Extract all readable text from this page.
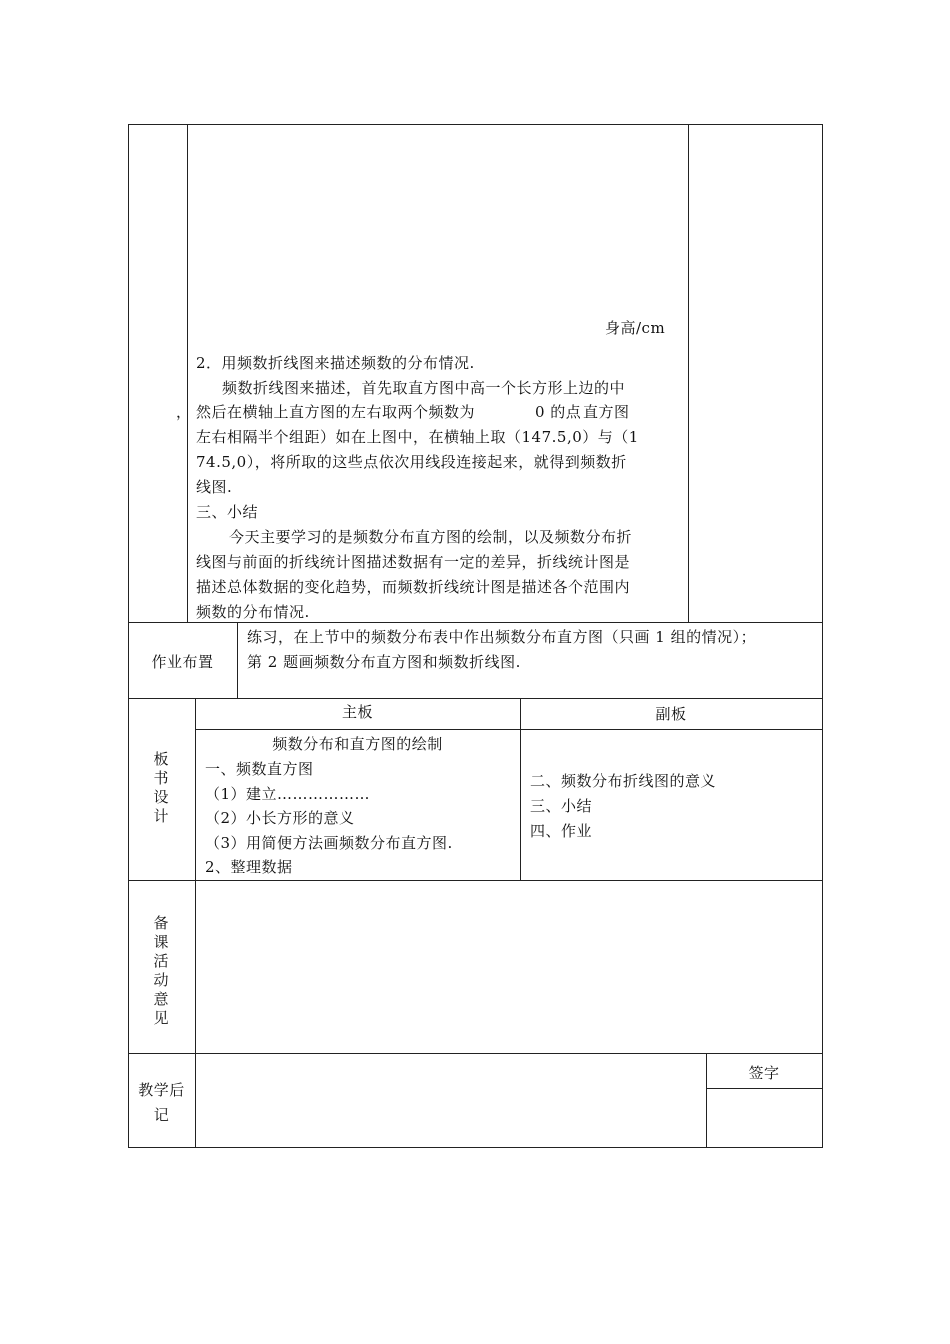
身高/cm
2．用频数折线图来描述频数的分布情况.
频数折线图来描述，首先取直方图中高一个长方形上边的中
， 然后在横轴上直方图的左右取两个频数为	0 的点 直方图
左右相隔半个组距）如在上图中，在横轴上取（147.5,0）与（1
74.5,0），将所取的这些点依次用线段连接起来，就得到频数折
线图.
三、小结
今天主要学习的是频数分布直方图的绘制，以及频数分布折
线图与前面的折线统计图描述数据有一定的差异，折线统计图是
描述总体数据的变化趋势，而频数折线统计图是描述各个范围内
频数的分布情况.
作业布置
练习，在上节中的频数分布表中作出频数分布直方图（只画 1 组的情况）；
第 2 题画频数分布直方图和频数折线图.
板书设计
主板	副板
频数分布和直方图的绘制
一、频数直方图
（1）建立………………
（2）小长方形的意义
（3）用简便方法画频数分布直方图.
2、整理数据
二、频数分布折线图的意义
三、小结
四、作业
备课活动意见
教学后
记
签字
